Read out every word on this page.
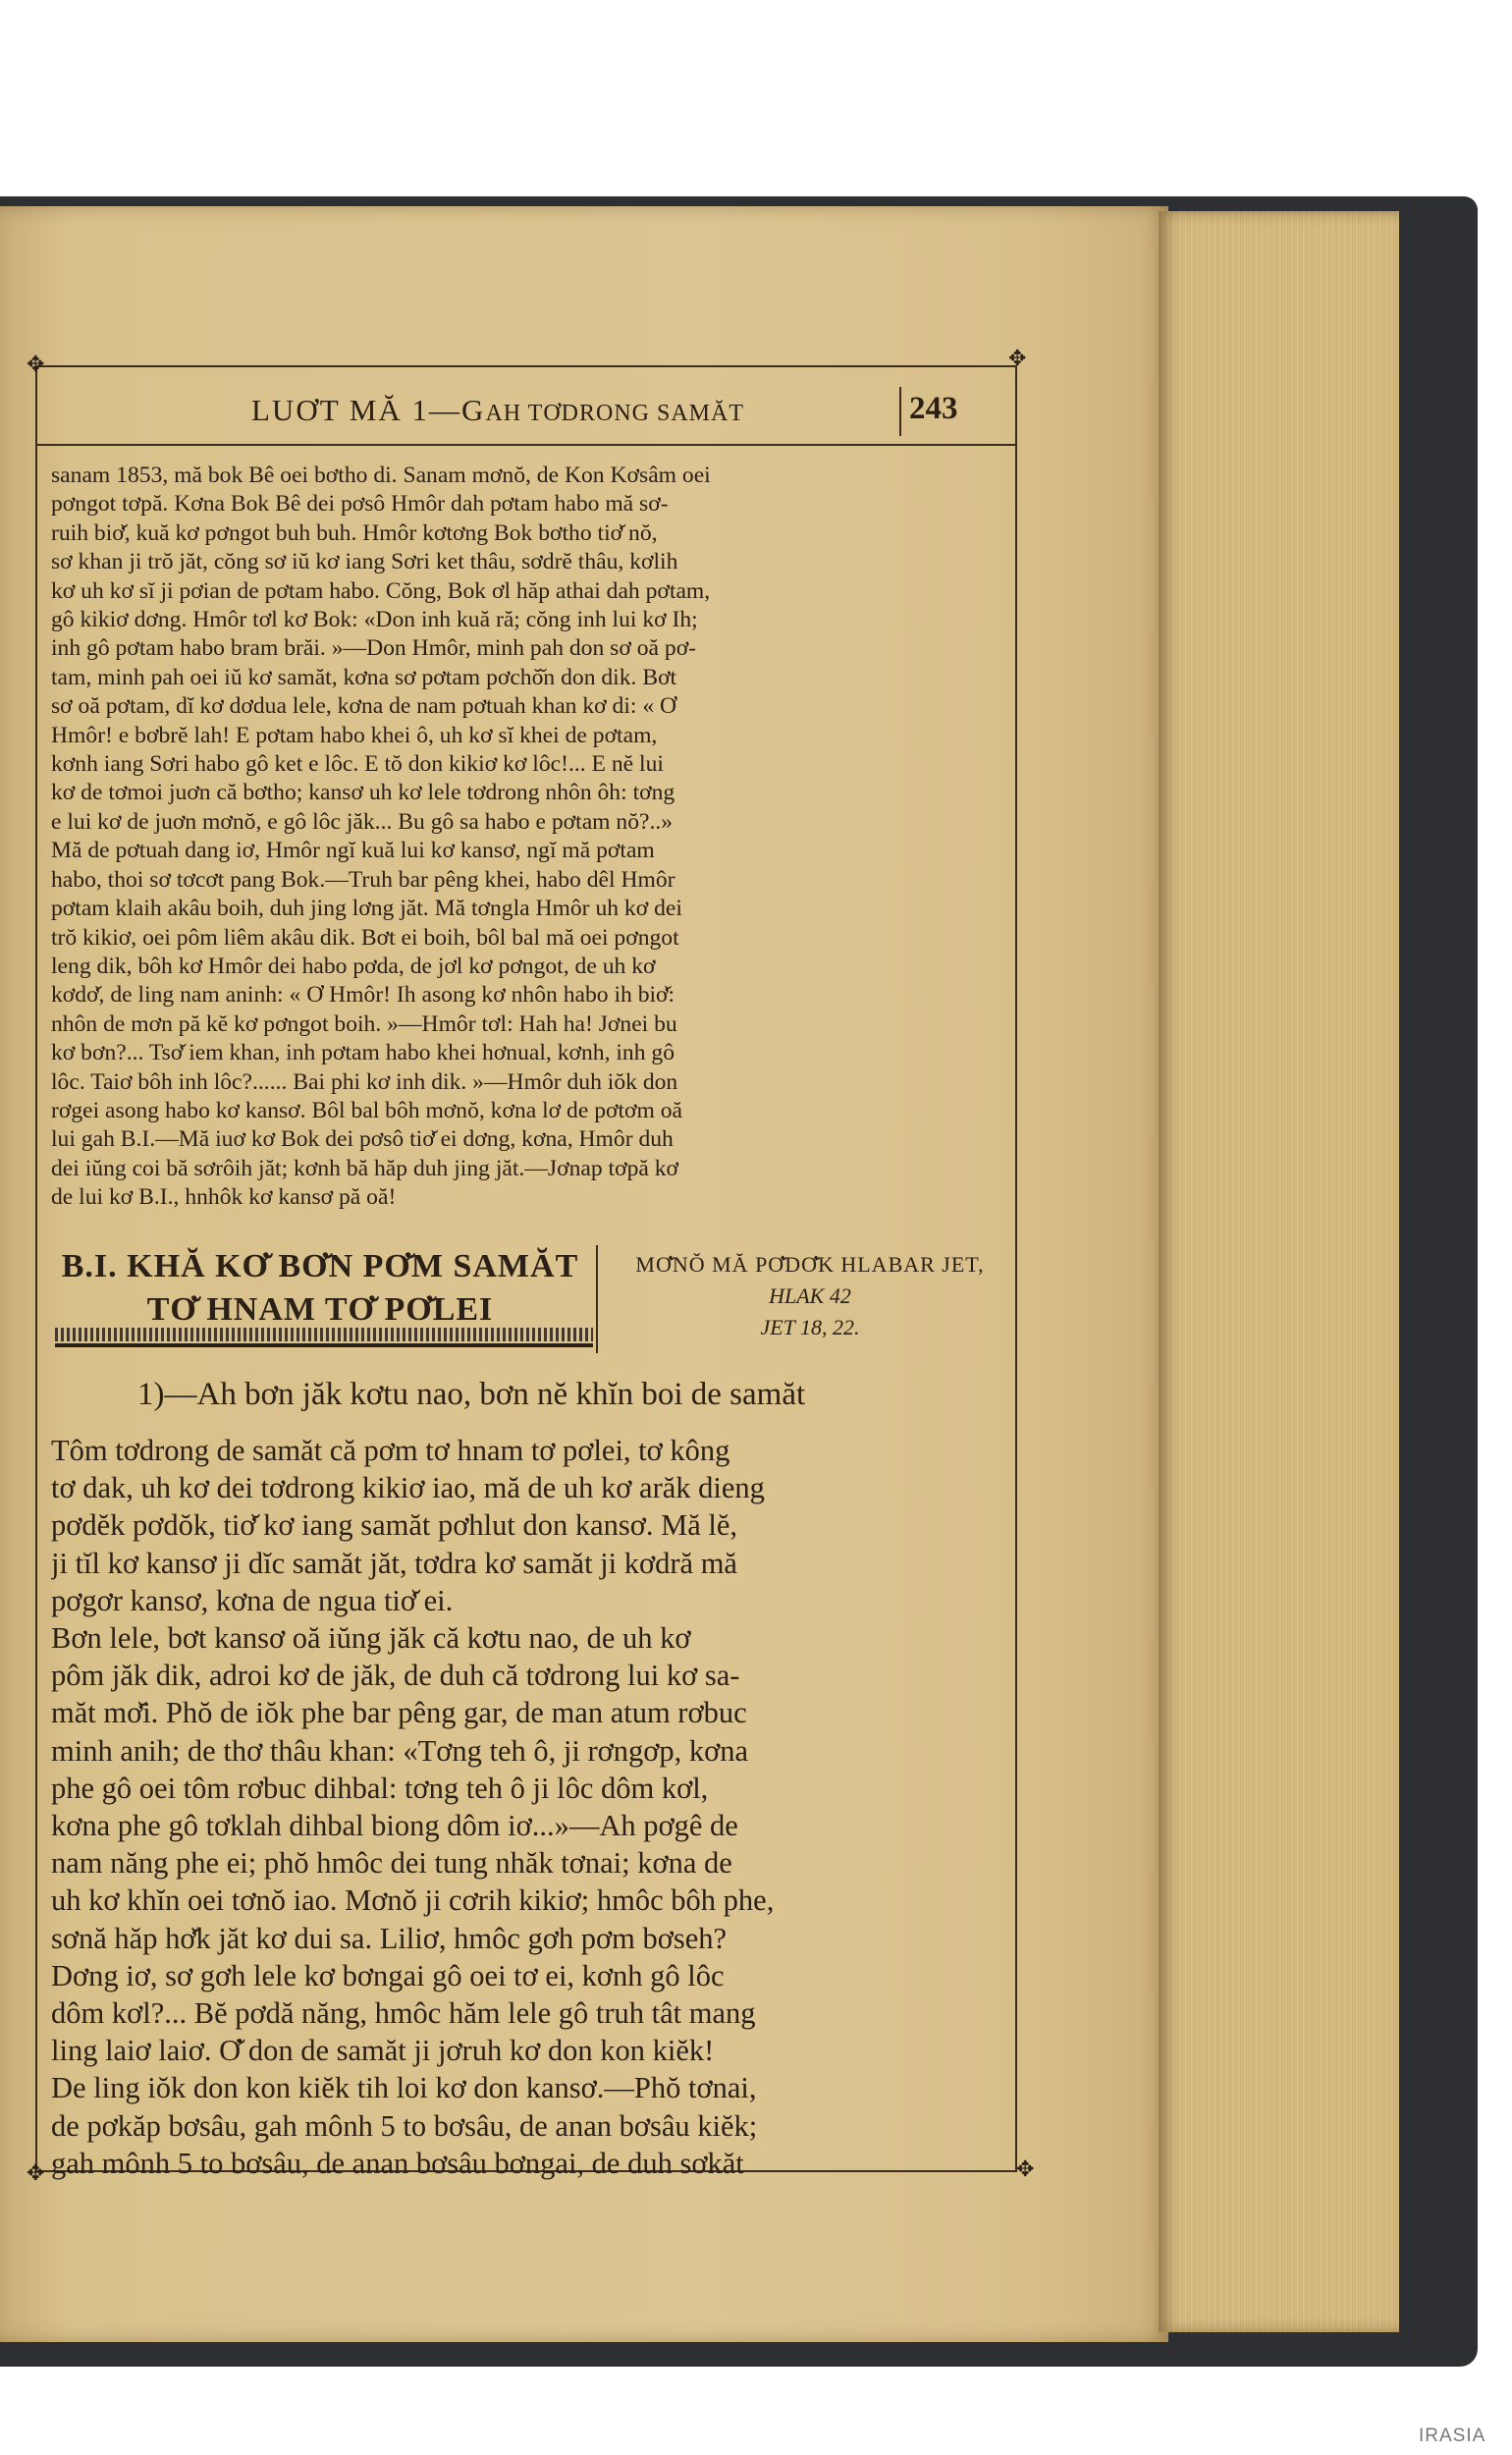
✥	✥
✥	✥
LUƠT MĂ 1—GAH TƠDRONG SAMĂT	243
sanam 1853, mă bok Bê oei bơtho di. Sanam mơnŏ, de Kon Kơsâm oei
pơngot tơpă. Kơna Bok Bê dei pơsô Hmôr dah pơtam habo mă sơ-
ruih biơ̆, kuă kơ pơngot buh buh. Hmôr kơtơng Bok bơtho tiơ̆ nŏ,
sơ khan ji trŏ jăt, cŏng sơ iŭ kơ iang Sơri ket thâu, sơdrĕ thâu, kơlih
kơ uh kơ sĭ ji pơian de pơtam habo. Cŏng, Bok ơl hăp athai dah pơtam,
gô kikiơ dơng. Hmôr tơl kơ Bok: «Don inh kuă ră; cŏng inh lui kơ Ih;
inh gô pơtam habo bram brăi. »—Don Hmôr, minh pah don sơ oă pơ-
tam, minh pah oei iŭ kơ samăt, kơna sơ pơtam pơchŏ̆n don dik. Bơt
sơ oă pơtam, dĭ kơ dơdua lele, kơna de nam pơtuah khan kơ di: « Ơ
Hmôr! e bơbrĕ lah! E pơtam habo khei ô, uh kơ sĭ khei de pơtam,
kơnh iang Sơri habo gô ket e lôc. E tŏ don kikiơ kơ lôc!... E nĕ lui
kơ de tơmoi juơn că bơtho; kansơ uh kơ lele tơdrong nhôn ôh: tơng
e lui kơ de juơn mơnŏ, e gô lôc jăk... Bu gô sa habo e pơtam nŏ?..»
Mă de pơtuah dang iơ, Hmôr ngĭ kuă lui kơ kansơ, ngĭ mă pơtam
habo, thoi sơ tơcơt pang Bok.—Truh bar pêng khei, habo dêl Hmôr
pơtam klaih akâu boih, duh jing lơng jăt. Mă tơngla Hmôr uh kơ dei
trŏ kikiơ, oei pôm liêm akâu dik. Bơt ei boih, bôl bal mă oei pơngot
leng dik, bôh kơ Hmôr dei habo pơda, de jơl kơ pơngot, de uh kơ
kơdơ̆, de ling nam aninh: « Ơ Hmôr! Ih asong kơ nhôn habo ih biơ̆:
nhôn de mơn pă kĕ kơ pơngot boih. »—Hmôr tơl: Hah ha! Jơnei bu
kơ bơn?... Tsơ̆ iem khan, inh pơtam habo khei hơnual, kơnh, inh gô
lôc. Taiơ bôh inh lôc?...... Bai phi kơ inh dik. »—Hmôr duh iŏk don
rơgei asong habo kơ kansơ. Bôl bal bôh mơnŏ, kơna lơ de pơtơm oă
lui gah B.I.—Mă iuơ kơ Bok dei pơsô tiơ̆ ei dơng, kơna, Hmôr duh
dei iŭng coi bă sơrôih jăt; kơnh bă hăp duh jing jăt.—Jơnap tơpă kơ
de lui kơ B.I., hnhôk kơ kansơ pă oă!
B.I. KHĂ KƠ̆ BƠ̆N PƠ̆M SAMĂT
TƠ̆ HNAM TƠ̆ PƠ̆LEI
MƠ̆NŎ MĂ PƠ̆DƠ̆K HLABAR JET,
HLAK 42
JET 18, 22.
1)—Ah bơn jăk kơtu nao, bơn nĕ khĭn boi de samăt
Tôm tơdrong de samăt că pơm tơ hnam tơ pơlei, tơ kông
tơ dak, uh kơ dei tơdrong kikiơ iao, mă de uh kơ arăk dieng
pơdĕk pơdŏk, tiơ̆ kơ iang samăt pơhlut don kansơ. Mă lĕ,
ji tĭl kơ kansơ ji dĭc samăt jăt, tơdra kơ samăt ji kơdră mă
pơgơr kansơ, kơna de ngua tiơ̆ ei.
Bơn lele, bơt kansơ oă iŭng jăk că kơtu nao, de uh kơ
pôm jăk dik, adroi kơ de jăk, de duh că tơdrong lui kơ sa-
măt mơ̆i. Phŏ de iŏk phe bar pêng gar, de man atum rơbuc
minh anih; de thơ thâu khan: «Tơng teh ô, ji rơngơp, kơna
phe gô oei tôm rơbuc dihbal: tơng teh ô ji lôc dôm kơl,
kơna phe gô tơklah dihbal biong dôm iơ...»—Ah pơgê de
nam năng phe ei; phŏ hmôc dei tung nhăk tơnai; kơna de
uh kơ khĭn oei tơnŏ iao. Mơnŏ ji cơrih kikiơ; hmôc bôh phe,
sơnă hăp hơ̆k jăt kơ dui sa. Liliơ, hmôc gơh pơm bơseh?
Dơng iơ, sơ gơh lele kơ bơngai gô oei tơ ei, kơnh gô lôc
dôm kơl?... Bĕ pơdă năng, hmôc hăm lele gô truh tât mang
ling laiơ laiơ. Ơ̆ don de samăt ji jơruh kơ don kon kiĕk!
De ling iŏk don kon kiĕk tih loi kơ don kansơ.—Phŏ tơnai,
de pơkăp bơsâu, gah mônh 5 to bơsâu, de anan bơsâu kiĕk;
gah mônh 5 to bơsâu, de anan bơsâu bơngai, de duh sơkăt
IRASIA
